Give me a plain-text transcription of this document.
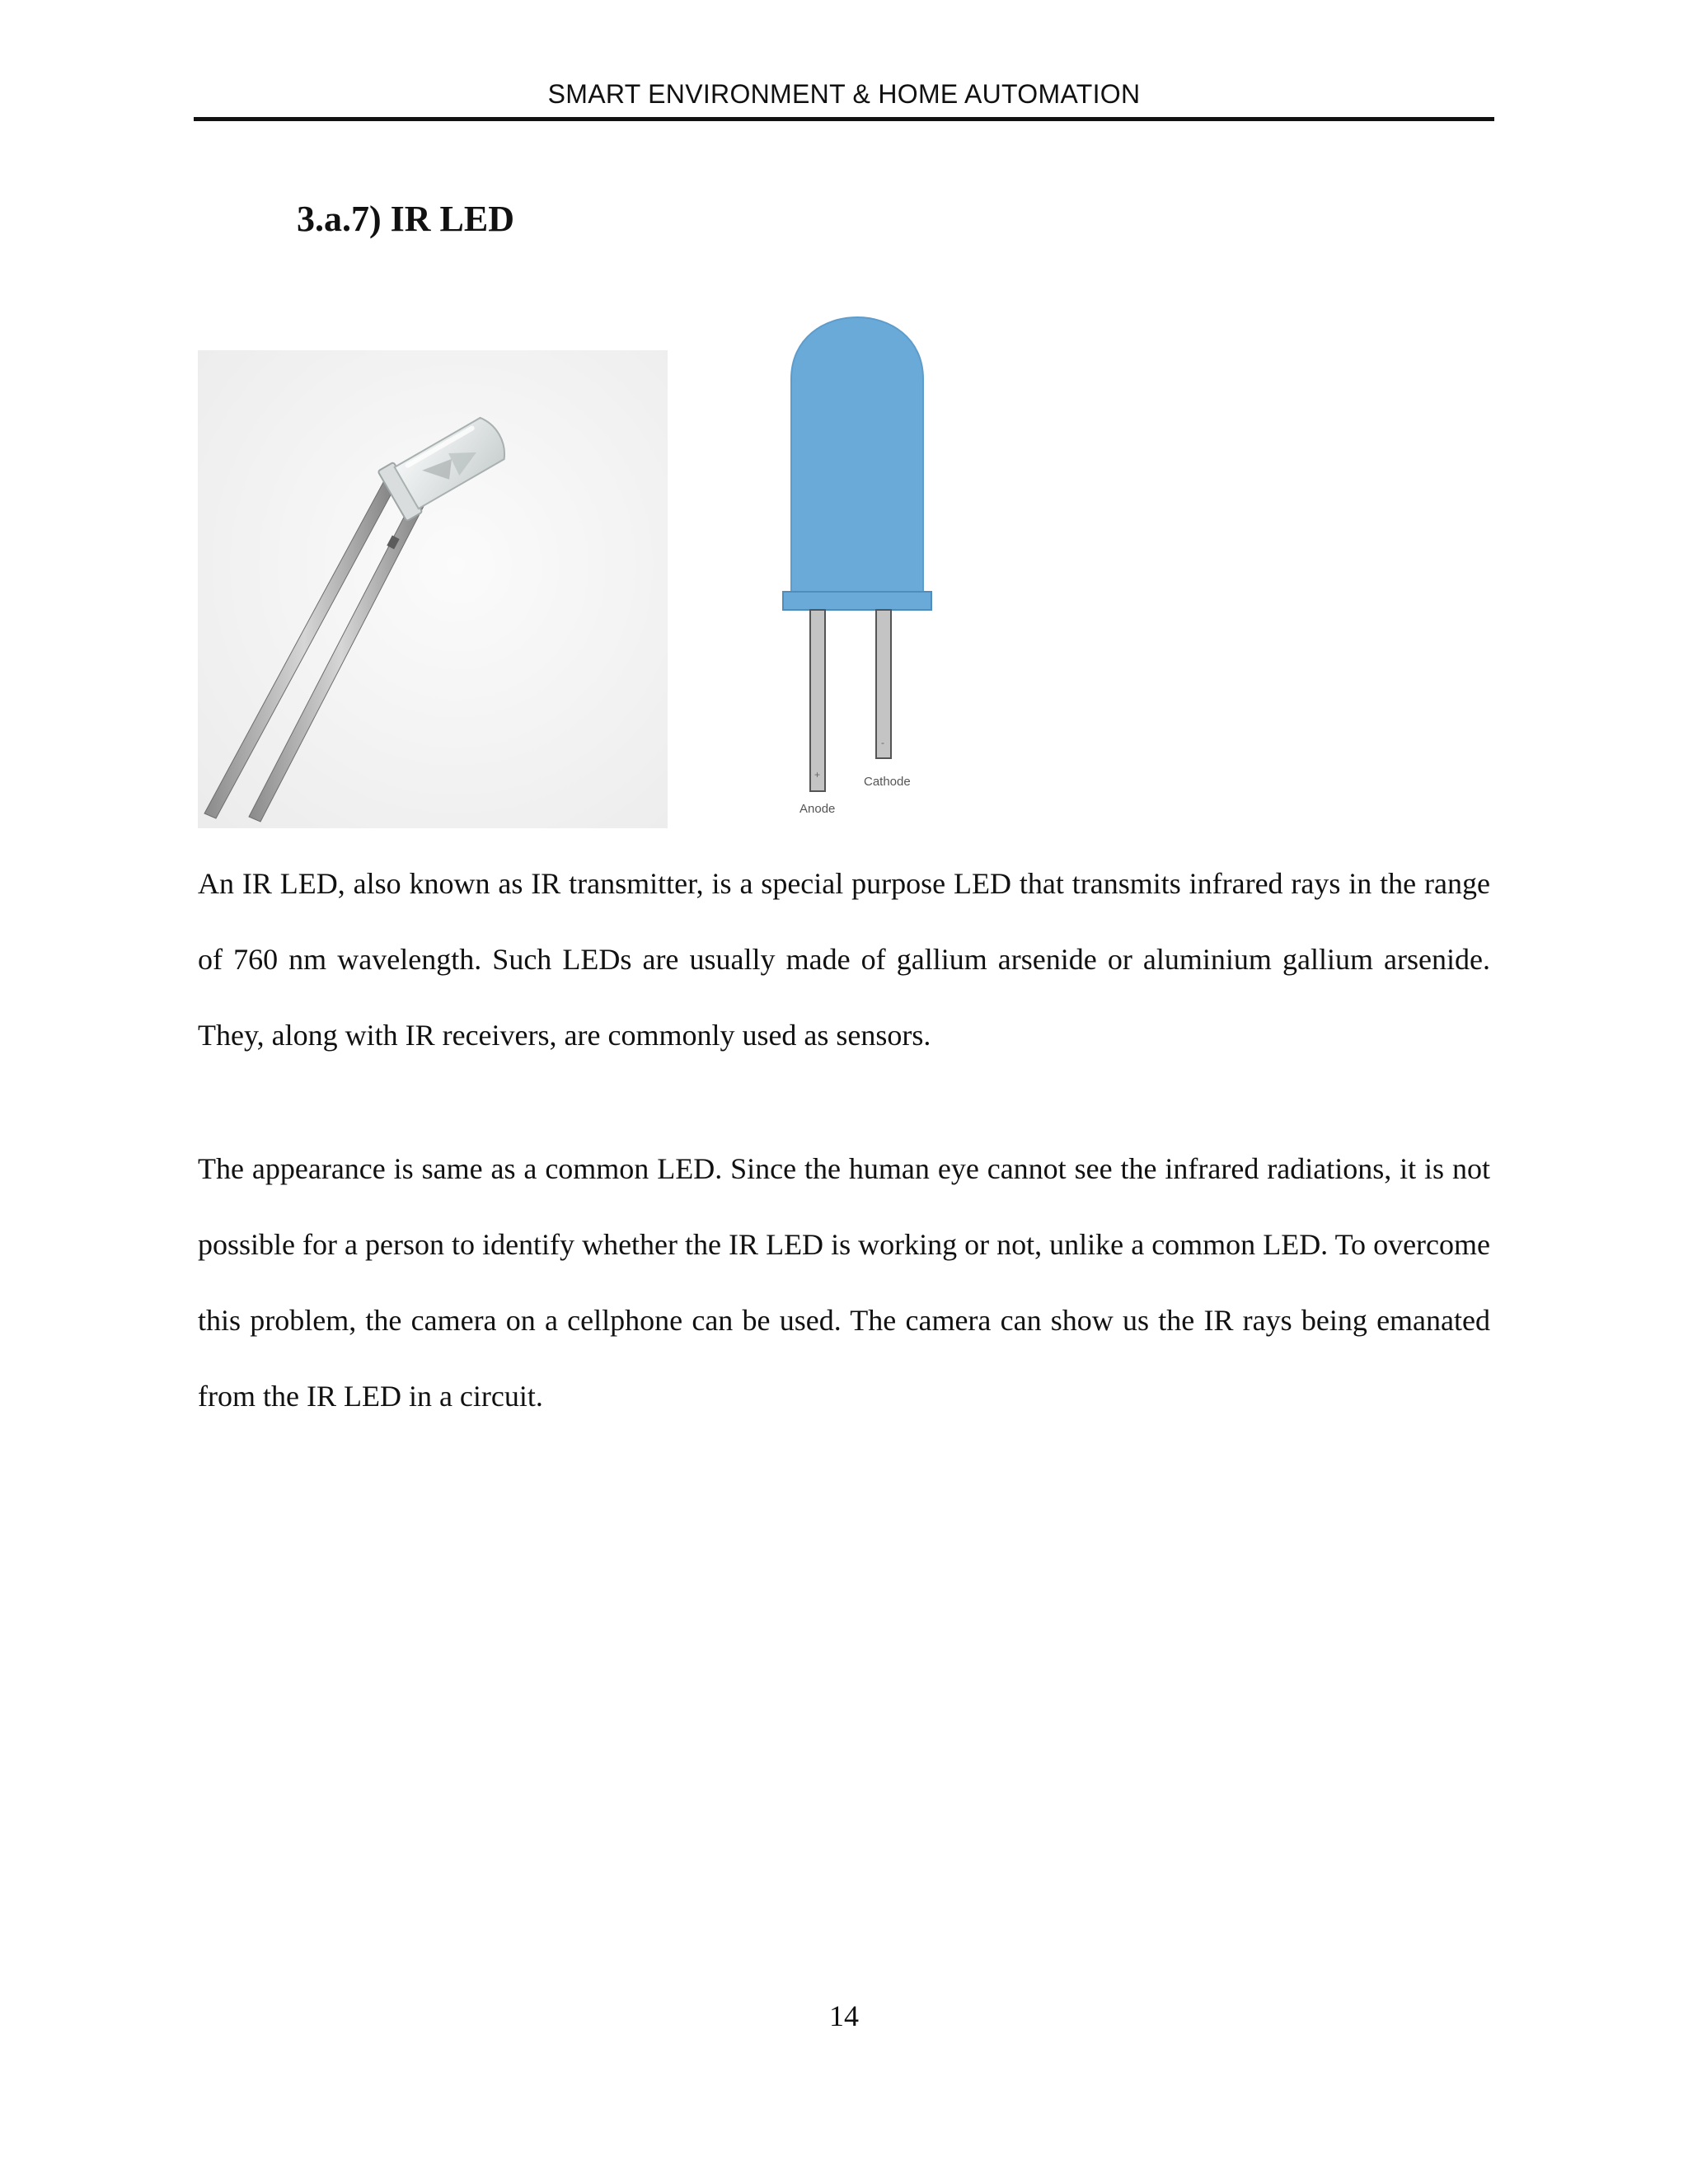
SMART ENVIRONMENT & HOME AUTOMATION
3.a.7) IR LED
+
-
Anode
Cathode

An IR LED, also known as IR transmitter, is a special purpose LED that transmits infrared rays in the range of 760 nm wavelength. Such LEDs are usually made of gallium arsenide or aluminium gallium arsenide. They, along with IR receivers, are commonly used as sensors.

The appearance is same as a common LED. Since the human eye cannot see the infrared radiations, it is not possible for a person to identify whether the IR LED is working or not, unlike a common LED. To overcome this problem, the camera on a cellphone can be used. The camera can show us the IR rays being emanated from the IR LED in a circuit.

14
